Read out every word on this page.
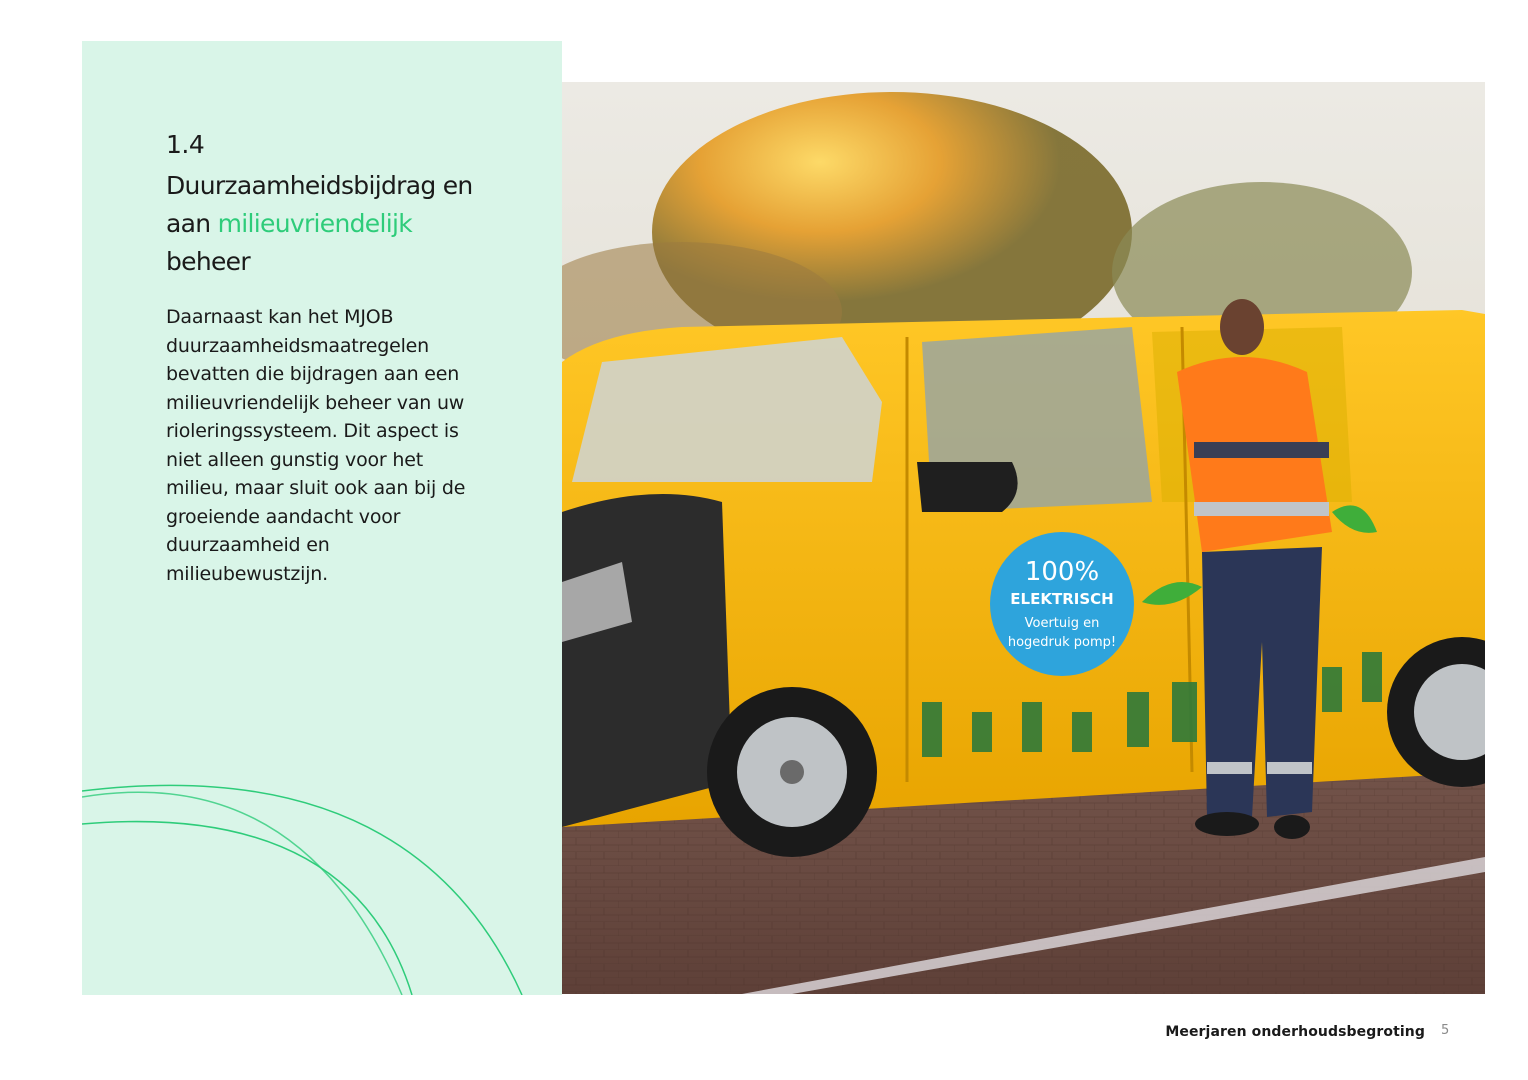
1.4
Duurzaamheidsbijdrag en aan milieuvriendelijk beheer

Daarnaast kan het MJOB duurzaamheidsmaatregelen bevatten die bijdragen aan een milieuvriendelijk beheer van uw rioleringssysteem. Dit aspect is niet alleen gunstig voor het milieu, maar sluit ook aan bij de groeiende aandacht voor duurzaamheid en milieubewustzijn.	100%
ELEKTRISCH
Voertuig en
hogedruk pomp!
Meerjaren onderhoudsbegroting 5
